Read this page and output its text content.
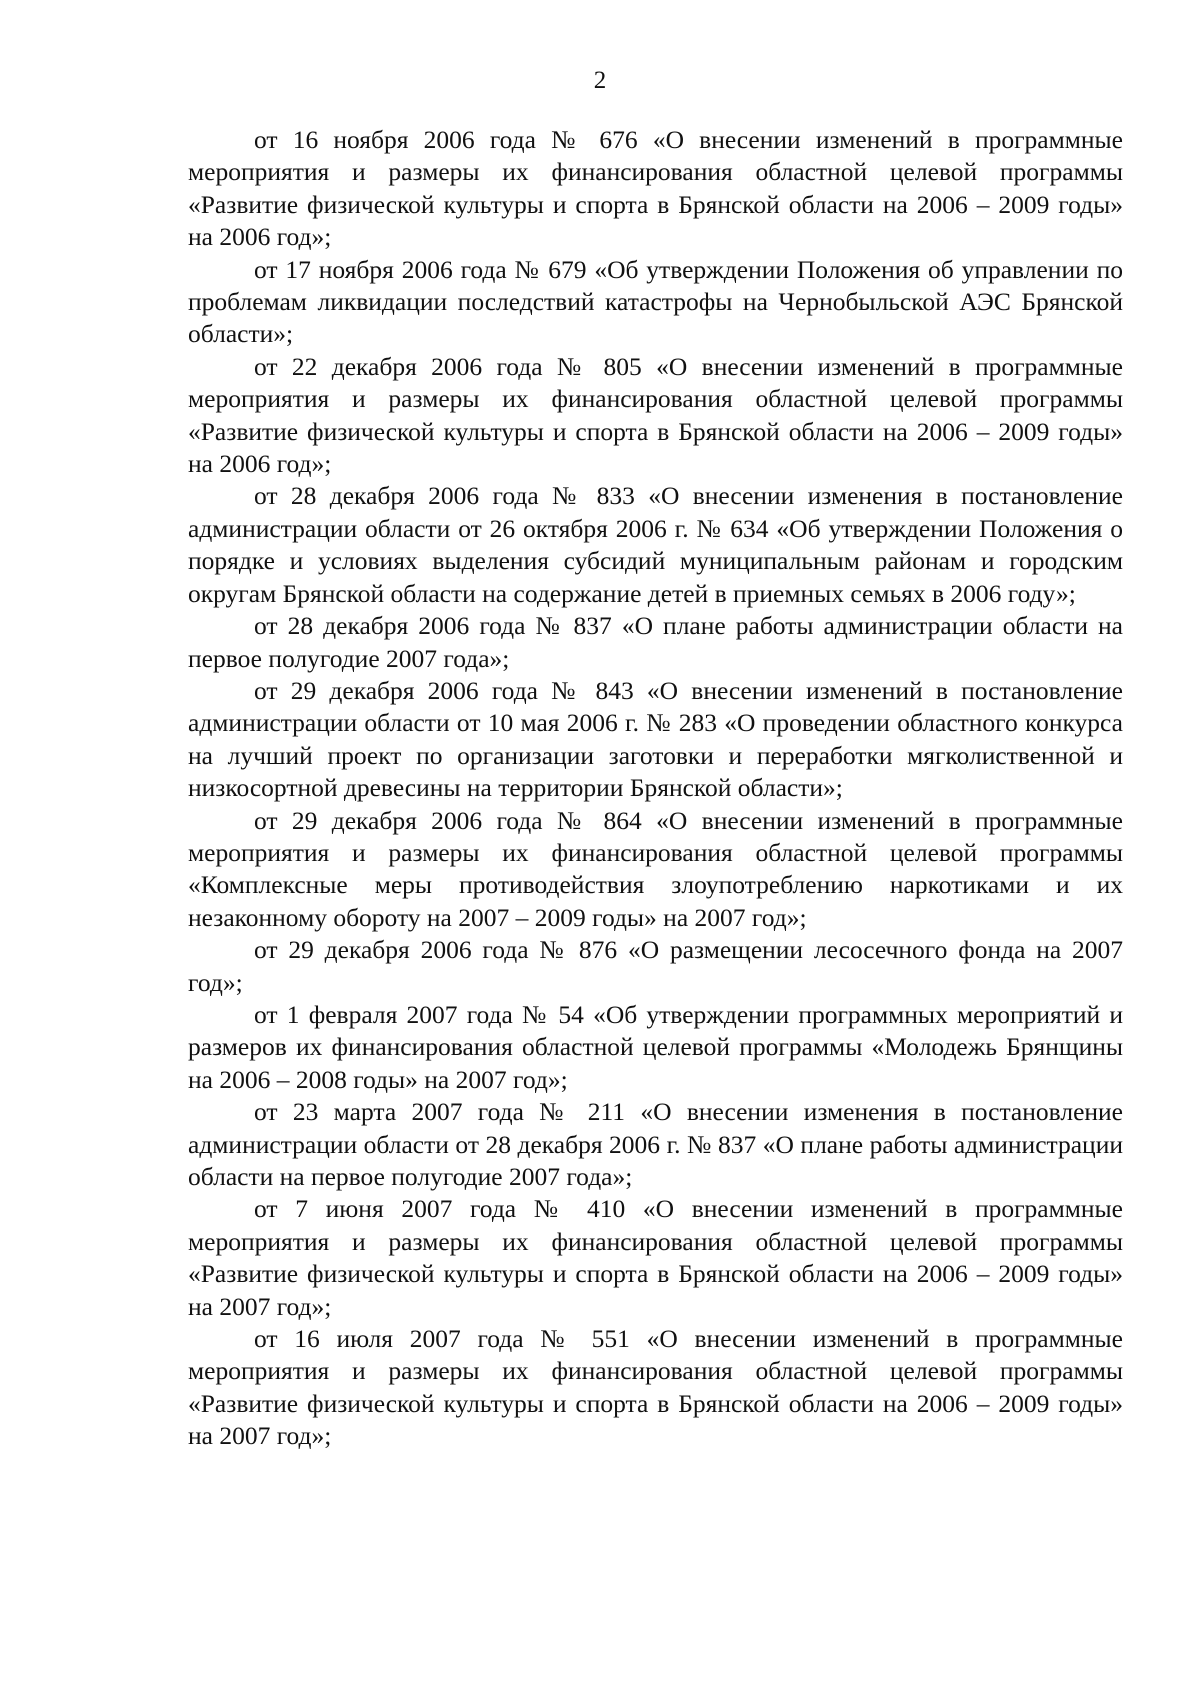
2

от 16 ноября 2006 года № 676 «О внесении изменений в программные мероприятия и размеры их финансирования областной целевой программы «Развитие физической культуры и спорта в Брянской области на 2006 – 2009 годы» на 2006 год»;

от 17 ноября 2006 года № 679 «Об утверждении Положения об управлении по проблемам ликвидации последствий катастрофы на Чернобыльской АЭС Брянской области»;

от 22 декабря 2006 года № 805 «О внесении изменений в программные мероприятия и размеры их финансирования областной целевой программы «Развитие физической культуры и спорта в Брянской области на 2006 – 2009 годы» на 2006 год»;

от 28 декабря 2006 года № 833 «О внесении изменения в постановление администрации области от 26 октября 2006 г. № 634 «Об утверждении Положения о порядке и условиях выделения субсидий муниципальным районам и городским округам Брянской области на содержание детей в приемных семьях в 2006 году»;

от 28 декабря 2006 года № 837 «О плане работы администрации области на первое полугодие 2007 года»;

от 29 декабря 2006 года № 843 «О внесении изменений в постановление администрации области от 10 мая 2006 г. № 283 «О проведении областного конкурса на лучший проект по организации заготовки и переработки мягколиственной и низкосортной древесины на территории Брянской области»;

от 29 декабря 2006 года № 864 «О внесении изменений в программные мероприятия и размеры их финансирования областной целевой программы «Комплексные меры противодействия злоупотреблению наркотиками и их незаконному обороту на 2007 – 2009 годы» на 2007 год»;

от 29 декабря 2006 года № 876 «О размещении лесосечного фонда на 2007 год»;

от 1 февраля 2007 года № 54 «Об утверждении программных мероприятий и размеров их финансирования областной целевой программы «Молодежь Брянщины на 2006 – 2008 годы» на 2007 год»;

от 23 марта 2007 года № 211 «О внесении изменения в постановление администрации области от 28 декабря 2006 г. № 837 «О плане работы администрации области на первое полугодие 2007 года»;

от 7 июня 2007 года № 410 «О внесении изменений в программные мероприятия и размеры их финансирования областной целевой программы «Развитие физической культуры и спорта в Брянской области на 2006 – 2009 годы» на 2007 год»;

от 16 июля 2007 года № 551 «О внесении изменений в программные мероприятия и размеры их финансирования областной целевой программы «Развитие физической культуры и спорта в Брянской области на 2006 – 2009 годы» на 2007 год»;
